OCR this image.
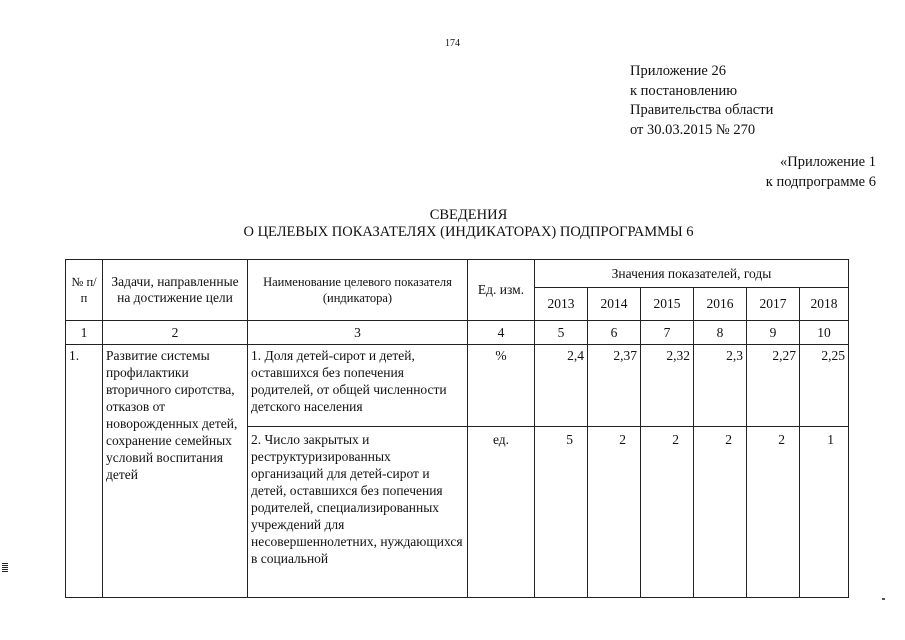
174
Приложение 26
к постановлению
Правительства области
от 30.03.2015 № 270
«Приложение 1
к подпрограмме 6
СВЕДЕНИЯ
О ЦЕЛЕВЫХ ПОКАЗАТЕЛЯХ (ИНДИКАТОРАХ) ПОДПРОГРАММЫ 6
№ п/п	Задачи, направленные на достижение цели	Наименование целевого показателя (индикатора)	Ед. изм.	Значения показателей, годы					
				2013	2014	2015	2016	2017	2018
1	2	3	4	5	6	7	8	9	10
1.	Развитие системы профилактики вторичного сиротства, отказов от новорожденных детей, сохранение семейных условий воспитания детей	1. Доля детей-сирот и детей, оставшихся без попечения родителей, от общей численности детского населения	%	2,4	2,37	2,32	2,3	2,27	2,25
		2. Число закрытых и реструктуризированных организаций для детей-сирот и детей, оставшихся без попечения родителей, специализированных учреждений для несовершеннолетних, нуждающихся в социальной	ед.	5	2	2	2	2	1
